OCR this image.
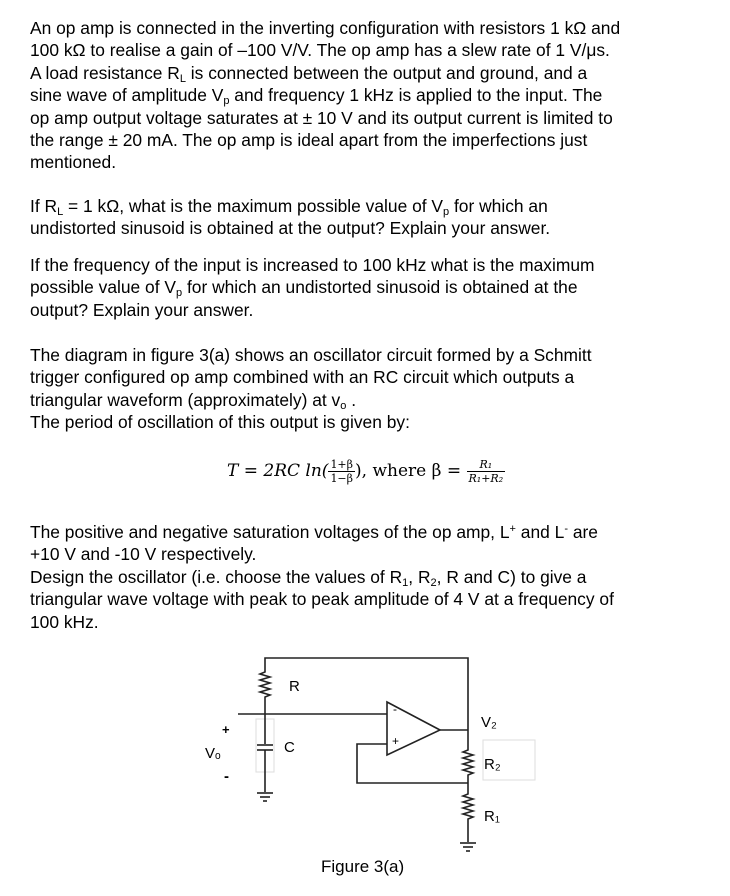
An op amp is connected in the inverting configuration with resistors 1 kΩ and
100 kΩ to realise a gain of –100 V/V. The op amp has a slew rate of 1 V/μs.
A load resistance $R_L$ is connected between the output and ground, and a
sine wave of amplitude $V_p$ and frequency 1 kHz is applied to the input. The
op amp output voltage saturates at ± 10 V and its output current is limited to
the range ± 20 mA. The op amp is ideal apart from the imperfections just
mentioned.
If $R_L = 1$ kΩ, what is the maximum possible value of $V_p$ for which an
undistorted sinusoid is obtained at the output? Explain your answer.
If the frequency of the input is increased to 100 kHz what is the maximum
possible value of $V_p$ for which an undistorted sinusoid is obtained at the
output? Explain your answer.
The diagram in figure 3(a) shows an oscillator circuit formed by a Schmitt
trigger configured op amp combined with an RC circuit which outputs a
triangular waveform (approximately) at $v_o$ .
The period of oscillation of this output is given by:
The positive and negative saturation voltages of the op amp, L+ and L- are
+10 V and -10 V respectively.
Design the oscillator (i.e. choose the values of $R_1$, $R_2$, R and C) to give a
triangular wave voltage with peak to peak amplitude of 4 V at a frequency of
100 kHz.
T = 2RC $\ln( \frac{1+\beta}{1-\beta}$ ), where $\beta = \frac{\text{R₁}}{\text{R₁+R₂}}$
R
C
V₂
R₂
R₁
+
Vₒ
-
-
+
Figure 3(a)
